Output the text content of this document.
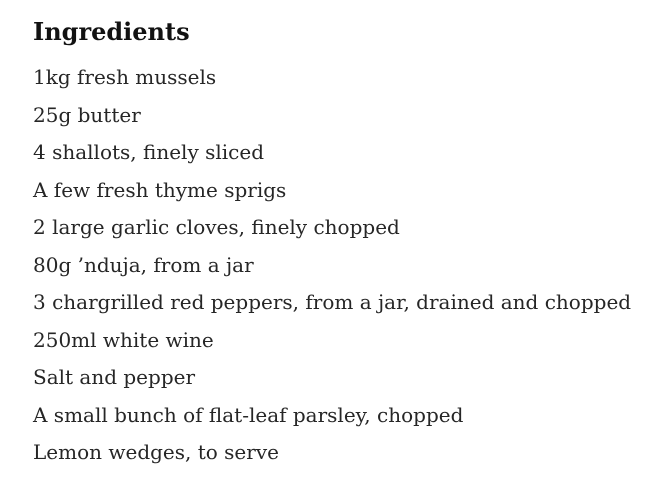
Ingredients
1kg fresh mussels
25g butter
4 shallots, finely sliced
A few fresh thyme sprigs
2 large garlic cloves, finely chopped
80g ’nduja, from a jar
3 chargrilled red peppers, from a jar, drained and chopped
250ml white wine
Salt and pepper
A small bunch of flat-leaf parsley, chopped
Lemon wedges, to serve
